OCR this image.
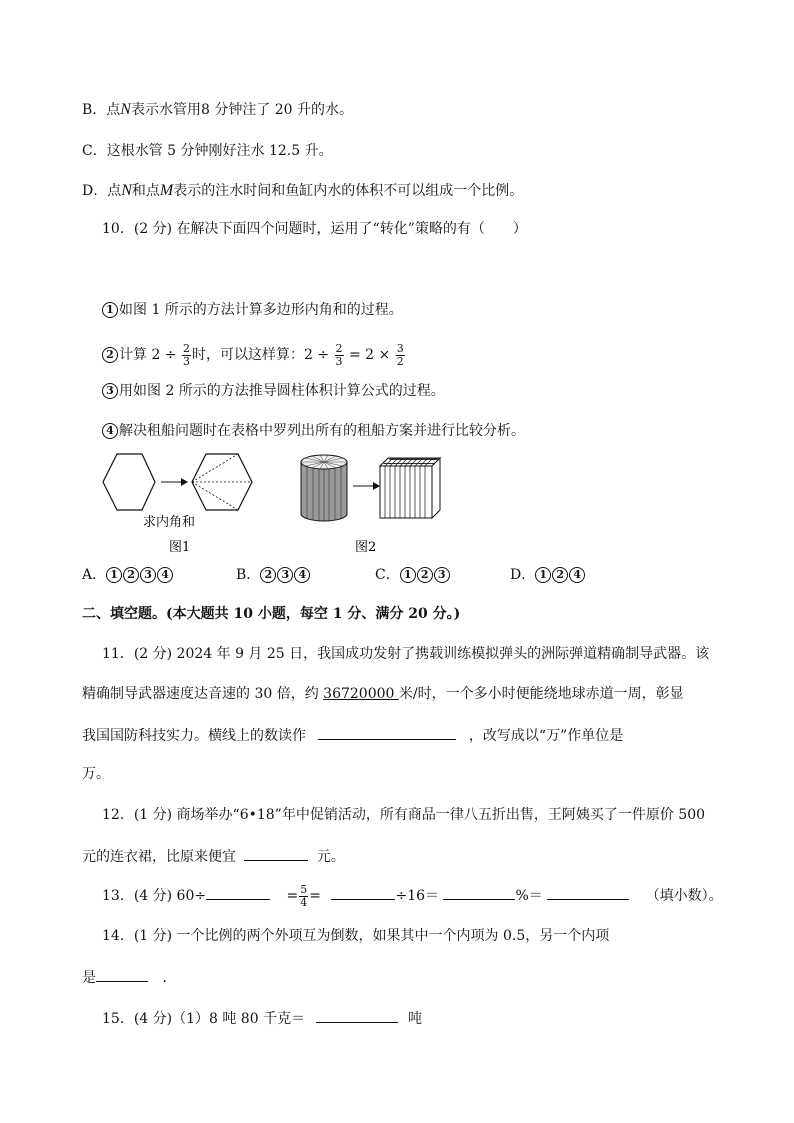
B．点N表示水管用8 分钟注了 20 升的水。
C．这根水管 5 分钟刚好注水 12.5 升。
D．点N和点M表示的注水时间和鱼缸内水的体积不可以组成一个比例。
10．(2 分) 在解决下面四个问题时，运用了“转化”策略的有（　　）
1 如图 1 所示的方法计算多边形内角和的过程。
2 计算 $2 \div \frac{2}{3}$ 时，可以这样算：$2 \div \frac{2}{3} = 2 \times \frac{3}{2}$
3 用如图 2 所示的方法推导圆柱体积计算公式的过程。
4 解决租船问题时在表格中罗列出所有的租船方案并进行比较分析。
求内角和
图1	图2
A． 1 2 3 4	B． 2 3 4	C． 1 2 3	D． 1 2 4
二、填空题。(本大题共 10 小题，每空 1 分、满分 20 分。)
11．(2 分) 2024 年 9 月 25 日，我国成功发射了携载训练模拟弹头的洲际弹道精确制导武器。该
精确制导武器速度达音速的 30 倍，约 36720000 米/时，一个多小时便能绕地球赤道一周，彰显
我国国防科技实力。横线上的数读作	，改写成以“万”作单位是
万。
12．(1 分) 商场举办“6•18”年中促销活动，所有商品一律八五折出售，王阿姨买了一件原价 500
元的连衣裙，比原来便宜	元。
13．(4 分) 60÷	= $\frac{5}{4}$ =	÷16＝	%＝	（填小数）。
14．(1 分) 一个比例的两个外项互为倒数，如果其中一个内项为 0.5，另一个内项
是	．
15．(4 分)（1）8 吨 80 千克＝	吨
